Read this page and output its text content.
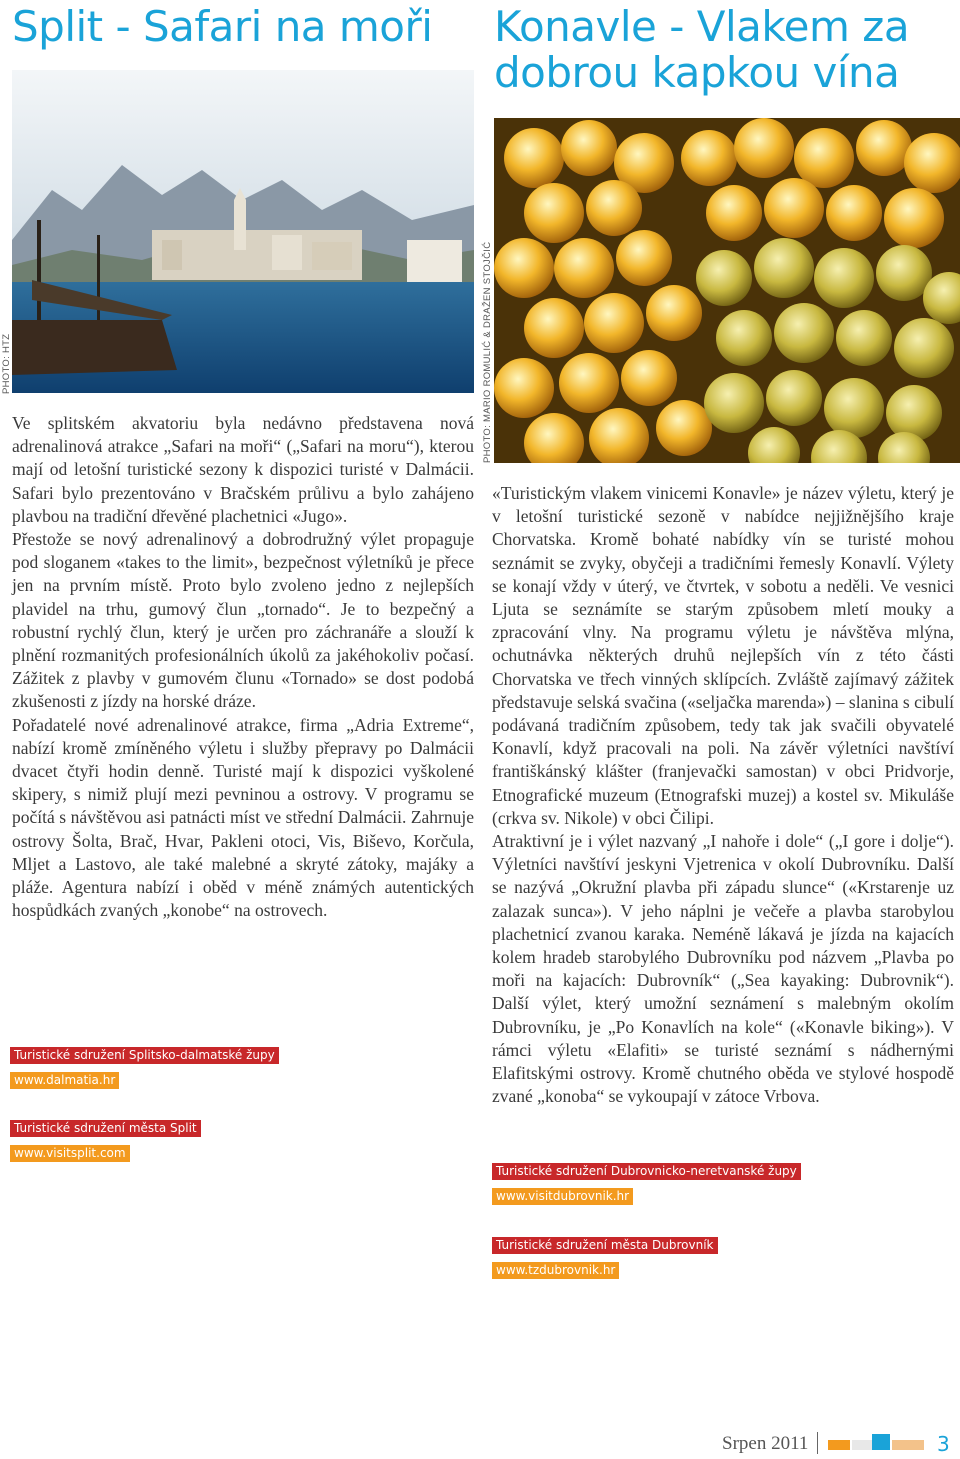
Split - Safari na moři
PHOTO: HTZ

Ve splitském akvatoriu byla nedávno představena nová adrenalinová atrakce „Safari na moři“ („Safari na moru“), kterou mají od letošní turistické sezony k dispozici turisté v Dalmácii. Safari bylo prezentováno v Bračském průlivu a bylo zahájeno plavbou na tradiční dřevěné plachetnici «Jugo».

Přestože se nový adrenalinový a dobrodružný výlet propaguje pod sloganem «takes to the limit», bezpečnost výletníků je přece jen na prvním místě. Proto bylo zvoleno jedno z nejlepších plavidel na trhu, gumový člun „tornado“. Je to bezpečný a robustní rychlý člun, který je určen pro záchranáře a slouží k plnění rozmanitých profesionálních úkolů za jakéhokoliv počasí. Zážitek z plavby v gumovém člunu «Tornado» se dost podobá zkušenosti z jízdy na horské dráze.

Pořadatelé nové adrenalinové atrakce, firma „Adria Extreme“, nabízí kromě zmíněného výletu i služby přepravy po Dalmácii dvacet čtyři hodin denně. Turisté mají k dispozici vyškolené skipery, s nimiž plují mezi pevninou a ostrovy. V programu se počítá s návštěvou asi patnácti míst ve střední Dalmácii. Zahrnuje ostrovy Šolta, Brač, Hvar, Pakleni otoci, Vis, Biševo, Korčula, Mljet a Lastovo, ale také malebné a skryté zátoky, majáky a pláže. Agentura nabízí i oběd v méně známých autentických hospůdkách zvaných „konobe“ na ostrovech.

Turistické sdružení Splitsko-dalmatské župy
www.dalmatia.hr
Turistické sdružení města Split
www.visitsplit.com
Konavle - Vlakem za
dobrou kapkou vína
PHOTO: MARIO ROMULIĆ & DRAŽEN STOJČIĆ

«Turistickým vlakem vinicemi Konavle» je název výletu, který je v letošní turistické sezoně v nabídce nejjižnějšího kraje Chorvatska. Kromě bohaté nabídky vín se turisté mohou seznámit se zvyky, obyčeji a tradičními řemesly Konavlí. Výlety se konají vždy v úterý, ve čtvrtek, v sobotu a neděli. Ve vesnici Ljuta se seznámíte se starým způsobem mletí mouky a zpracování vlny. Na programu výletu je návštěva mlýna, ochutnávka některých druhů nejlepších vín z této části Chorvatska ve třech vinných sklípcích. Zvláště zajímavý zážitek představuje selská svačina («seljačka marenda») – slanina s cibulí podávaná tradičním způsobem, tedy tak jak svačili obyvatelé Konavlí, když pracovali na poli. Na závěr výletníci navštíví františkánský klášter (franjevački samostan) v obci Pridvorje, Etnografické muzeum (Etnografski muzej) a kostel sv. Mikuláše (crkva sv. Nikole) v obci Čilipi.

Atraktivní je i výlet nazvaný „I nahoře i dole“ („I gore i dolje“). Výletníci navštíví jeskyni Vjetrenica v okolí Dubrovníku. Další se nazývá „Okružní plavba při západu slunce“ («Krstarenje uz zalazak sunca»). V jeho náplni je večeře a plavba starobylou plachetnicí zvanou karaka. Neméně lákavá je jízda na kajacích kolem hradeb starobylého Dubrovníku pod názvem „Plavba po moři na kajacích: Dubrovník“ („Sea kayaking: Dubrovnik“). Další výlet, který umožní seznámení s malebným okolím Dubrovníku, je „Po Konavlích na kole“ («Konavle biking»). V rámci výletu «Elafiti» se turisté seznámí s nádhernými Elafitskými ostrovy. Kromě chutného oběda ve stylové hospodě zvané „konoba“ se vykoupají v zátoce Vrbova.

Turistické sdružení Dubrovnicko-neretvanské župy
www.visitdubrovnik.hr
Turistické sdružení města Dubrovník
www.tzdubrovnik.hr
Srpen 2011	3
